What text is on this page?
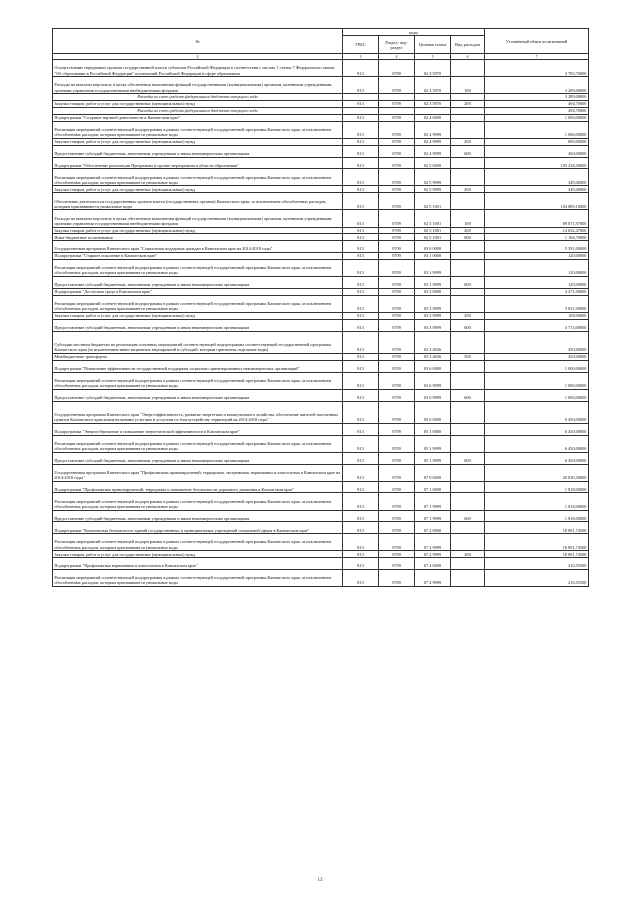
№	коды				Уточнённый объем ассигнований
	ГРБС	Раздел, под- раздел	Целевая статья	Вид расходов	
2	3	4	5	6	7
Осуществление переданных органам государственной власти субъектов Российской Федерации в соответствии с частью 1 статьи 7 Федерального закона "Об образовании в Российской Федерации" полномочий Российской Федерации в сфере образования	813	0709	02 3 5970		3 783,70000
Расходы на выплаты персоналу в целях обеспечения выполнения функций государственными (муниципальными) органами, казенными учреждениями, органами управления государственными внебюджетными фондами	813	0709	02 3 5970	100	3 289,00000
Расходы за счет средств федерального бюджета текущего года					3 289,00000
Закупка товаров, работ и услуг для государственных (муниципальных) нужд	813	0709	02 3 5970	200	494,70000
Расходы за счет средств федерального бюджета текущего года					494,70000
Подпрограмма "Создание научной деятельности в Камчатском крае"	813	0709	02 4 0000		1 060,00000
Реализация мероприятий соответствующей подпрограммы в рамках соответствующей государственной программы Камчатского края, за исключением обособленных расходов, которым присваиваются уникальные коды	813	0709	02 4 9999		1 060,00000
Закупка товаров, работ и услуг для государственных (муниципальных) нужд	813	0709	02 4 9999	200	800,00000
Предоставление субсидий бюджетным, автономным учреждениям и иным некоммерческим организациям	813	0709	02 4 9999	600	260,00000
Подпрограмма "Обеспечение реализации Программы и прочие мероприятия в области образования"	813	0709	02 5 0000		105 238,50000
Реализация мероприятий соответствующей подпрограммы в рамках соответствующей государственной программы Камчатского края, за исключением обособленных расходов, которым присваиваются уникальные коды	813	0709	02 5 9999		349,40000
Закупка товаров, работ и услуг для государственных (муниципальных) нужд	813	0709	02 5 9999	200	349,40000
Обеспечение деятельности государственных органов власти (государственных органов) Камчатского края, за исключением обособленных расходов, которым присваиваются уникальные коды	813	0709	02 5 1001		104 889,10000
Расходы на выплаты персоналу в целях обеспечения выполнения функций государственными (муниципальными) органами, казенными учреждениями, органами управления государственными внебюджетными фондами	813	0709	02 5 1001	100	89 071,97000
Закупка товаров, работ и услуг для государственных (муниципальных) нужд	813	0709	02 5 1001	200	14 632,47000
Иные бюджетные ассигнования	813	0709	02 5 1001	800	1 184,70000
Государственная программа Камчатского края "Социальная поддержка граждан в Камчатском крае на 2014-2018 годы"	813	0709	03 0 0000		5 391,00000
Подпрограмма "Старшее поколение в Камчатском крае"	813	0709	03 1 0000		120,00000
Реализация мероприятий соответствующей подпрограммы в рамках соответствующей государственной программы Камчатского края, за исключением обособленных расходов, которым присваиваются уникальные коды	813	0709	03 1 9999		120,00000
Предоставление субсидий бюджетным, автономным учреждениям и иным некоммерческим организациям	813	0709	03 1 9999	600	120,00000
Подпрограмма "Доступная среда в Камчатском крае"	813	0709	03 3 0000		4 271,00000
Реализация мероприятий соответствующей подпрограммы в рамках соответствующей государственной программы Камчатского края, за исключением обособленных расходов, которым присваиваются уникальные коды	813	0709	03 3 9999		3 821,00000
Закупка товаров, работ и услуг для государственных (муниципальных) нужд	813	0709	03 3 9999	200	108,00000
Предоставление субсидий бюджетным, автономным учреждениям и иным некоммерческим организациям	813	0709	03 3 9999	600	3 713,00000
Субсидии местным бюджетам на реализацию основных мероприятий соответствующей подпрограммы соответствующей государственной программы Камчатского края (за исключением инвестиционных мероприятий и субсидий, которым присвоены отдельные коды)	813	0709	03 3 4036		450,00000
Межбюджетные трансферты	813	0709	03 3 4036	500	450,00000
Подпрограмма "Повышение эффективности государственной поддержки социально ориентированных некоммерческих организаций"	813	0709	03 6 0000		1 000,00000
Реализация мероприятий соответствующей подпрограммы в рамках соответствующей государственной программы Камчатского края, за исключением обособленных расходов, которым присваиваются уникальные коды	813	0709	03 6 9999		1 000,00000
Предоставление субсидий бюджетным, автономным учреждениям и иным некоммерческим организациям	813	0709	03 6 9999	600	1 000,00000
Государственная программа Камчатского края "Энергоэффективность, развитие энергетики и коммунального хозяйства, обеспечение жителей населенных пунктов Камчатского края коммунальными услугами и услугами по благоустройству территорий на 2014-2018 годы"	813	0709	05 0 0000		6 450,00000
Подпрограмма "Энергосбережение и повышение энергетической эффективности в Камчатском крае"	813	0709	05 1 0000		6 450,00000
Реализация мероприятий соответствующей подпрограммы в рамках соответствующей государственной программы Камчатского края, за исключением обособленных расходов, которым присваиваются уникальные коды	813	0709	05 1 9999		6 450,00000
Предоставление субсидий бюджетным, автономным учреждениям и иным некоммерческим организациям	813	0709	05 1 9999	600	6 450,00000
Государственная программа Камчатского края "Профилактика правонарушений, терроризма, экстремизма, наркомании и алкоголизма в Камчатском крае на 2014-2018 годы"	813	0709	07 0 0000		20 830,30000
Подпрограмма "Профилактика правонарушений, терроризма и повышение безопасности дорожного движения в Камчатском крае"	813	0709	07 1 0000		1 818,00000
Реализация мероприятий соответствующей подпрограммы в рамках соответствующей государственной программы Камчатского края, за исключением обособленных расходов, которым присваиваются уникальные коды	813	0709	07 1 9999		1 818,00000
Предоставление субсидий бюджетным, автономным учреждениям и иным некоммерческим организациям	813	0709	07 1 9999	600	1 818,00000
Подпрограмма "Комплексная безопасность зданий государственных и муниципальных учреждений социальной сферы в Камчатском крае"	813	0709	07 2 0000		18 801,74500
Реализация мероприятий соответствующей подпрограммы в рамках соответствующей государственной программы Камчатского края, за исключением обособленных расходов, которым присваиваются уникальные коды	813	0709	07 2 9999		18 801,74500
Закупка товаров, работ и услуг для государственных (муниципальных) нужд	813	0709	07 2 9999	200	18 801,74500
Подпрограмма "Профилактика наркомании и алкоголизма в Камчатском крае"	813	0709	07 4 0000		210,55500
Реализация мероприятий соответствующей подпрограммы в рамках соответствующей государственной программы Камчатского края, за исключением обособленных расходов, которым присваиваются уникальные коды	813	0709	07 4 9999		210,55500
13
